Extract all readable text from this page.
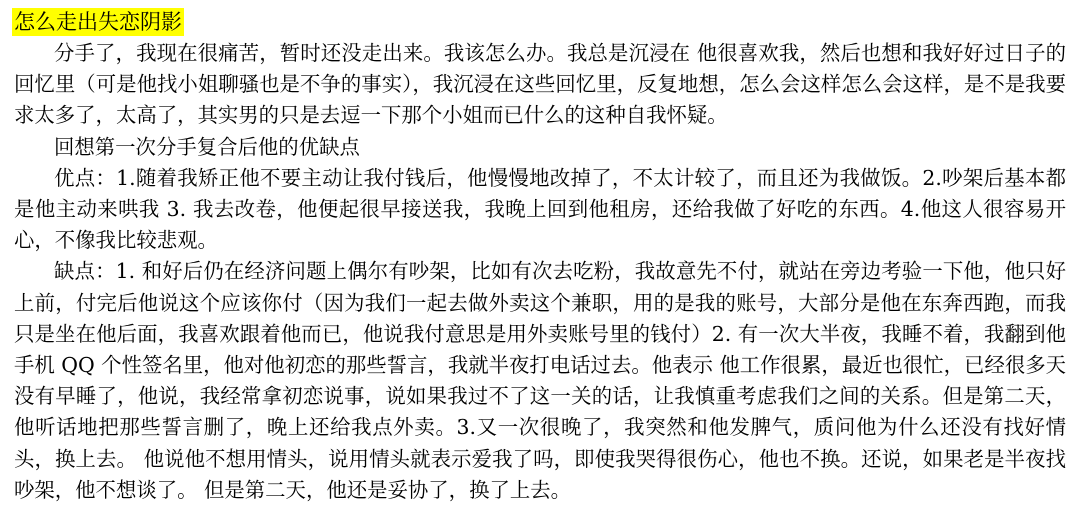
怎么走出失恋阴影

分手了，我现在很痛苦，暂时还没走出来。我该怎么办。我总是沉浸在 他很喜欢我，然后也想和我好好过日子的 回忆里（可是他找小姐聊骚也是不争的事实），我沉浸在这些回忆里，反复地想，怎么会这样怎么会这样，是不是我要求太多了，太高了，其实男的只是去逗一下那个小姐而已什么的这种自我怀疑。

回想第一次分手复合后他的优缺点

优点：1.随着我矫正他不要主动让我付钱后，他慢慢地改掉了，不太计较了，而且还为我做饭。2.吵架后基本都是他主动来哄我 3. 我去改卷，他便起很早接送我，我晚上回到他租房，还给我做了好吃的东西。4.他这人很容易开心，不像我比较悲观。

缺点：1. 和好后仍在经济问题上偶尔有吵架，比如有次去吃粉，我故意先不付，就站在旁边考验一下他，他只好上前，付完后他说这个应该你付（因为我们一起去做外卖这个兼职，用的是我的账号，大部分是他在东奔西跑，而我只是坐在他后面，我喜欢跟着他而已，他说我付意思是用外卖账号里的钱付）2. 有一次大半夜，我睡不着，我翻到他手机 QQ 个性签名里，他对他初恋的那些誓言，我就半夜打电话过去。他表示 他工作很累，最近也很忙，已经很多天没有早睡了，他说，我经常拿初恋说事，说如果我过不了这一关的话，让我慎重考虑我们之间的关系。但是第二天，他听话地把那些誓言删了，晚上还给我点外卖。3.又一次很晚了，我突然和他发脾气，质问他为什么还没有找好情头，换上去。 他说他不想用情头，说用情头就表示爱我了吗，即使我哭得很伤心，他也不换。还说，如果老是半夜找吵架，他不想谈了。 但是第二天，他还是妥协了，换了上去。
